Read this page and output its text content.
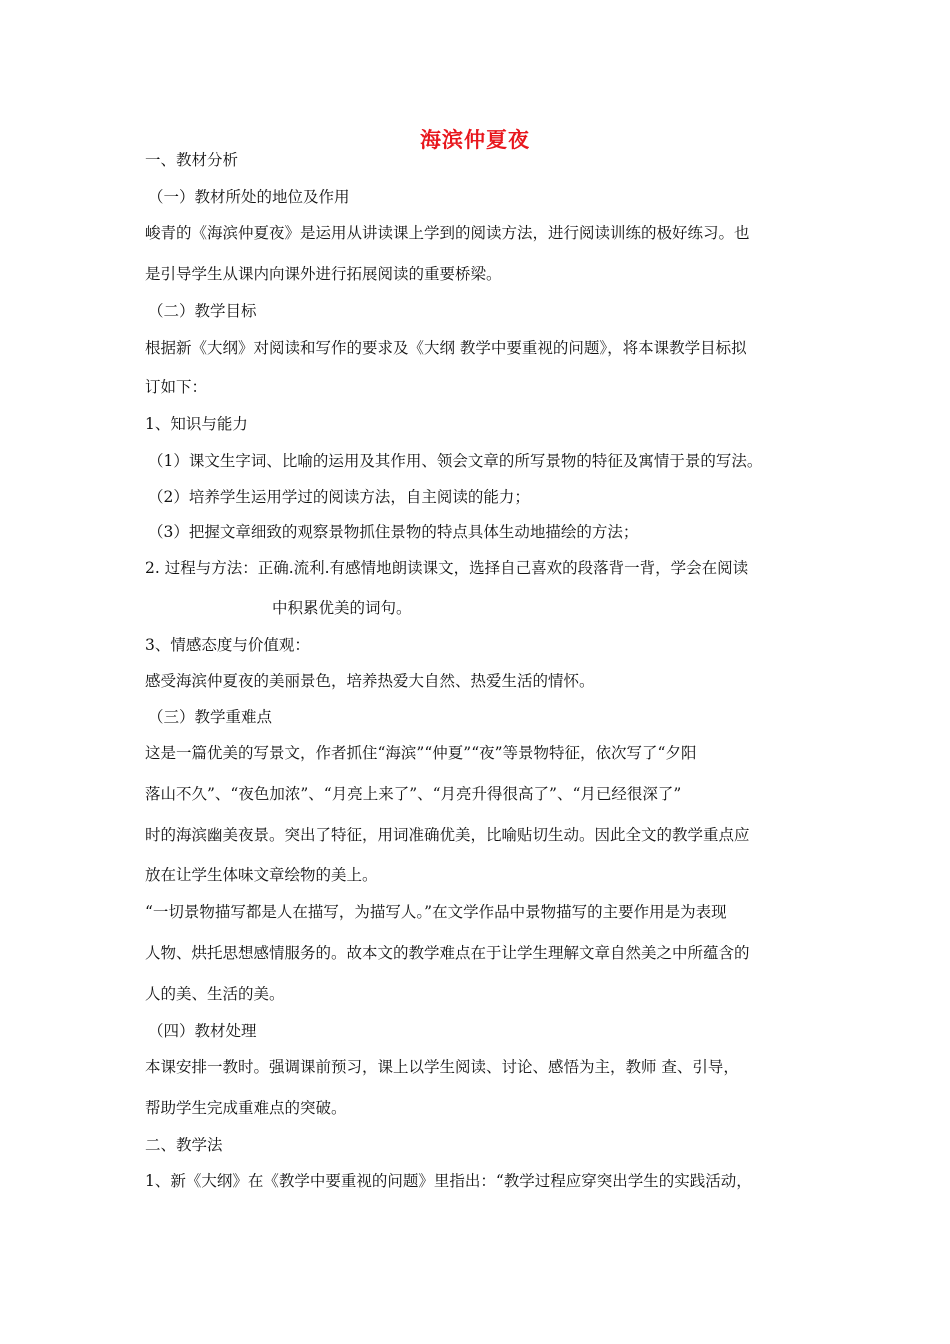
海滨仲夏夜
一、教材分析
（一）教材所处的地位及作用
峻青的《海滨仲夏夜》是运用从讲读课上学到的阅读方法，进行阅读训练的极好练习。也
是引导学生从课内向课外进行拓展阅读的重要桥梁。
（二）教学目标
根据新《大纲》对阅读和写作的要求及《大纲 教学中要重视的问题》，将本课教学目标拟
订如下：
1、知识与能力
（1）课文生字词、比喻的运用及其作用、领会文章的所写景物的特征及寓情于景的写法。
（2）培养学生运用学过的阅读方法，自主阅读的能力；
（3）把握文章细致的观察景物抓住景物的特点具体生动地描绘的方法；
2. 过程与方法：正确.流利.有感情地朗读课文，选择自己喜欢的段落背一背，学会在阅读
中积累优美的词句。
3、情感态度与价值观：
感受海滨仲夏夜的美丽景色，培养热爱大自然、热爱生活的情怀。
（三）教学重难点
这是一篇优美的写景文，作者抓住“海滨”“仲夏”“夜”等景物特征，依次写了“夕阳
落山不久”、“夜色加浓”、“月亮上来了”、“月亮升得很高了”、“月已经很深了”
时的海滨幽美夜景。突出了特征，用词准确优美，比喻贴切生动。因此全文的教学重点应
放在让学生体味文章绘物的美上。
“一切景物描写都是人在描写，为描写人。”在文学作品中景物描写的主要作用是为表现
人物、烘托思想感情服务的。故本文的教学难点在于让学生理解文章自然美之中所蕴含的
人的美、生活的美。
（四）教材处理
本课安排一教时。强调课前预习，课上以学生阅读、讨论、感悟为主，教师 查、引导，
帮助学生完成重难点的突破。
二、教学法
1、新《大纲》在《教学中要重视的问题》里指出：“教学过程应穿突出学生的实践活动，
